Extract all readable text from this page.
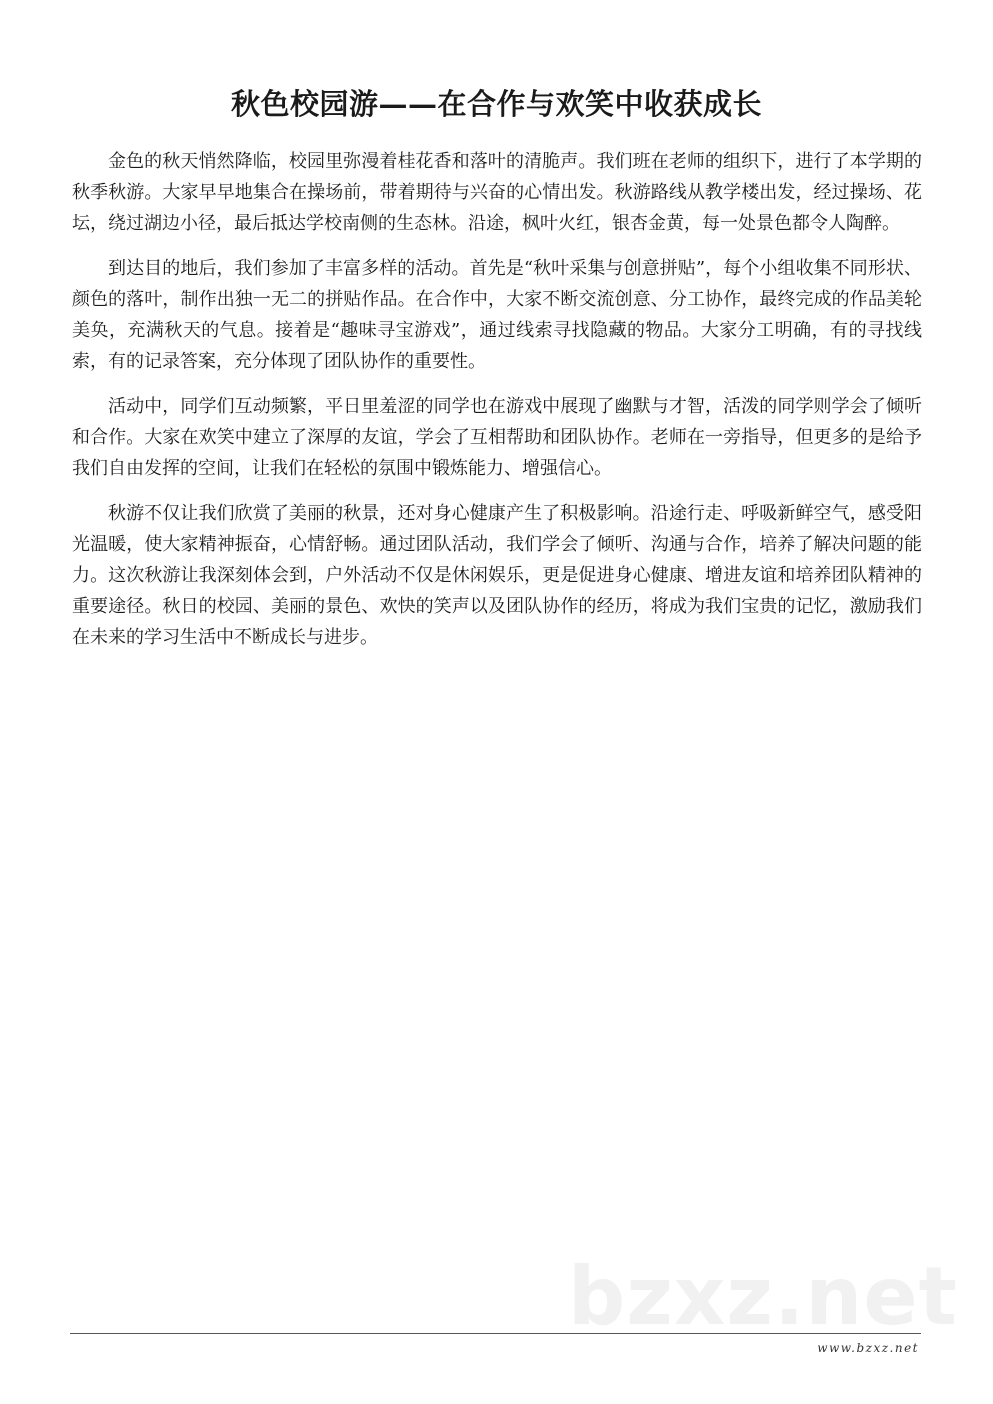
秋色校园游——在合作与欢笑中收获成长

金色的秋天悄然降临，校园里弥漫着桂花香和落叶的清脆声。我们班在老师的组织下，进行了本学期的秋季秋游。大家早早地集合在操场前，带着期待与兴奋的心情出发。秋游路线从教学楼出发，经过操场、花坛，绕过湖边小径，最后抵达学校南侧的生态林。沿途，枫叶火红，银杏金黄，每一处景色都令人陶醉。

到达目的地后，我们参加了丰富多样的活动。首先是“秋叶采集与创意拼贴”，每个小组收集不同形状、颜色的落叶，制作出独一无二的拼贴作品。在合作中，大家不断交流创意、分工协作，最终完成的作品美轮美奂，充满秋天的气息。接着是“趣味寻宝游戏”，通过线索寻找隐藏的物品。大家分工明确，有的寻找线索，有的记录答案，充分体现了团队协作的重要性。

活动中，同学们互动频繁，平日里羞涩的同学也在游戏中展现了幽默与才智，活泼的同学则学会了倾听和合作。大家在欢笑中建立了深厚的友谊，学会了互相帮助和团队协作。老师在一旁指导，但更多的是给予我们自由发挥的空间，让我们在轻松的氛围中锻炼能力、增强信心。

秋游不仅让我们欣赏了美丽的秋景，还对身心健康产生了积极影响。沿途行走、呼吸新鲜空气，感受阳光温暖，使大家精神振奋，心情舒畅。通过团队活动，我们学会了倾听、沟通与合作，培养了解决问题的能力。这次秋游让我深刻体会到，户外活动不仅是休闲娱乐，更是促进身心健康、增进友谊和培养团队精神的重要途径。秋日的校园、美丽的景色、欢快的笑声以及团队协作的经历，将成为我们宝贵的记忆，激励我们在未来的学习生活中不断成长与进步。

bzxz.net
www.bzxz.net
